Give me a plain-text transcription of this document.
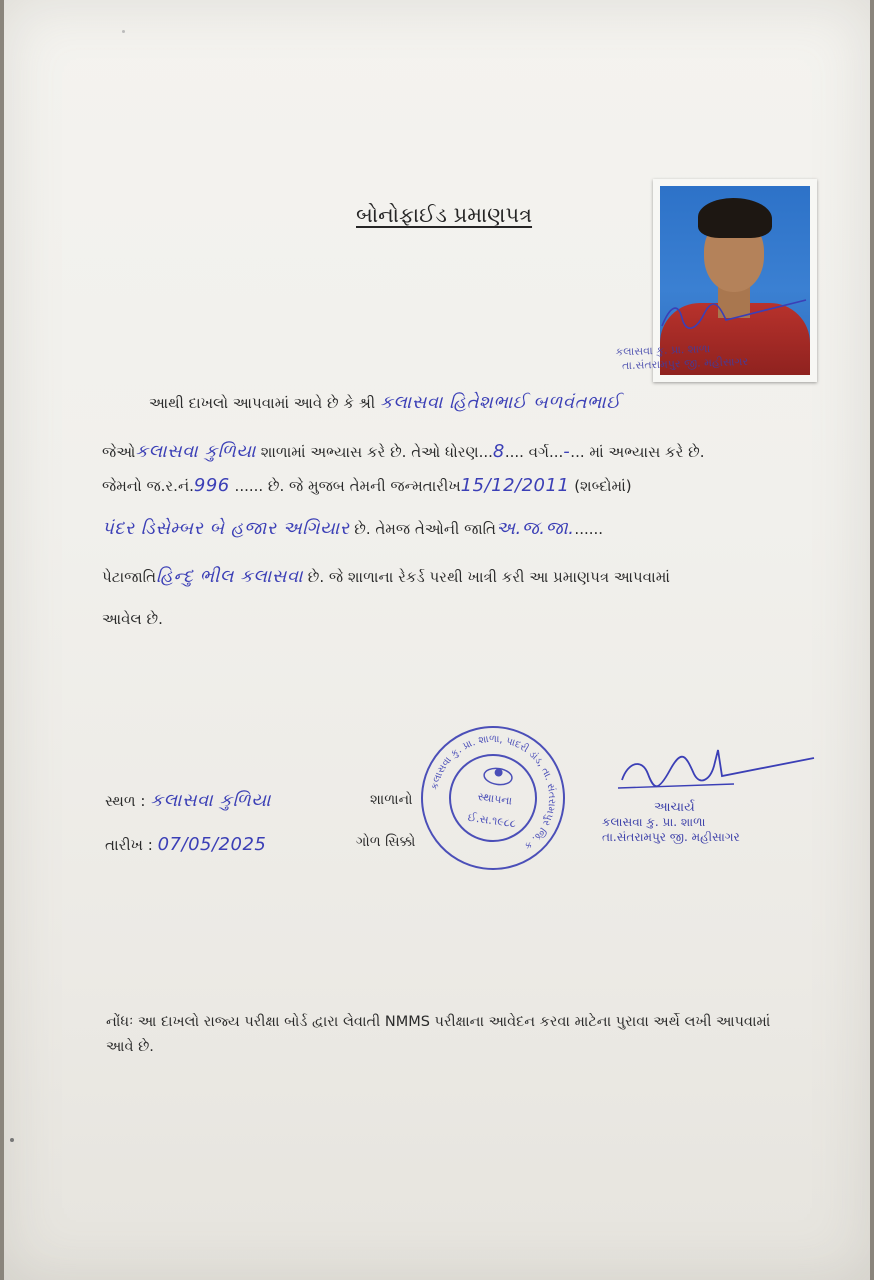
બોનોફાઈડ પ્રમાણપત્ર
કલાસવા કુ. પ્રા. શાળા
તા.સંતરામપુર જી. મહીસાગર
આથી દાખલો આપવામાં આવે છે કે શ્રી કલાસવા હિતેશભાઈ બળવંતભાઈ
જેઓકલાસવા કુળિયા શાળામાં અભ્યાસ કરે છે. તેઓ ધોરણ...8.... વર્ગ...-... માં અભ્યાસ કરે છે.
જેમનો જ.ર.નં.996 ...... છે. જે મુજબ તેમની જન્મતારીખ15/12/2011 (શબ્દોમાં)
પંદર ડિસેમ્બર બે હજાર અગિયાર છે. તેમજ તેઓની જાતિઅ.જ.જા.......
પેટાજાતિહિન્દુ ભીલ કલાસવા છે. જે શાળાના રેકર્ડ પરથી ખાત્રી કરી આ પ્રમાણપત્ર આપવામાં
આવેલ છે.
સ્થળ : કલાસવા કુળિયા
તારીખ : 07/05/2025
શાળાનો
ગોળ સિક્કો
કલાસવા કુ. પ્રા. શાળા, પાદરી ડાંડ, તા. સંતરામપુર જિ. ક
સ્થાપના
ઈ.સ.૧૯૮૮
આચાર્ય
કલાસવા કુ. પ્રા. શાળા
તા.સંતરામપુર જી. મહીસાગર
નોંધઃ આ દાખલો રાજ્ય પરીક્ષા બોર્ડ દ્વારા લેવાતી NMMS પરીક્ષાના આવેદન કરવા માટેના પુરાવા અર્થે લખી આપવામાં આવે છે.
